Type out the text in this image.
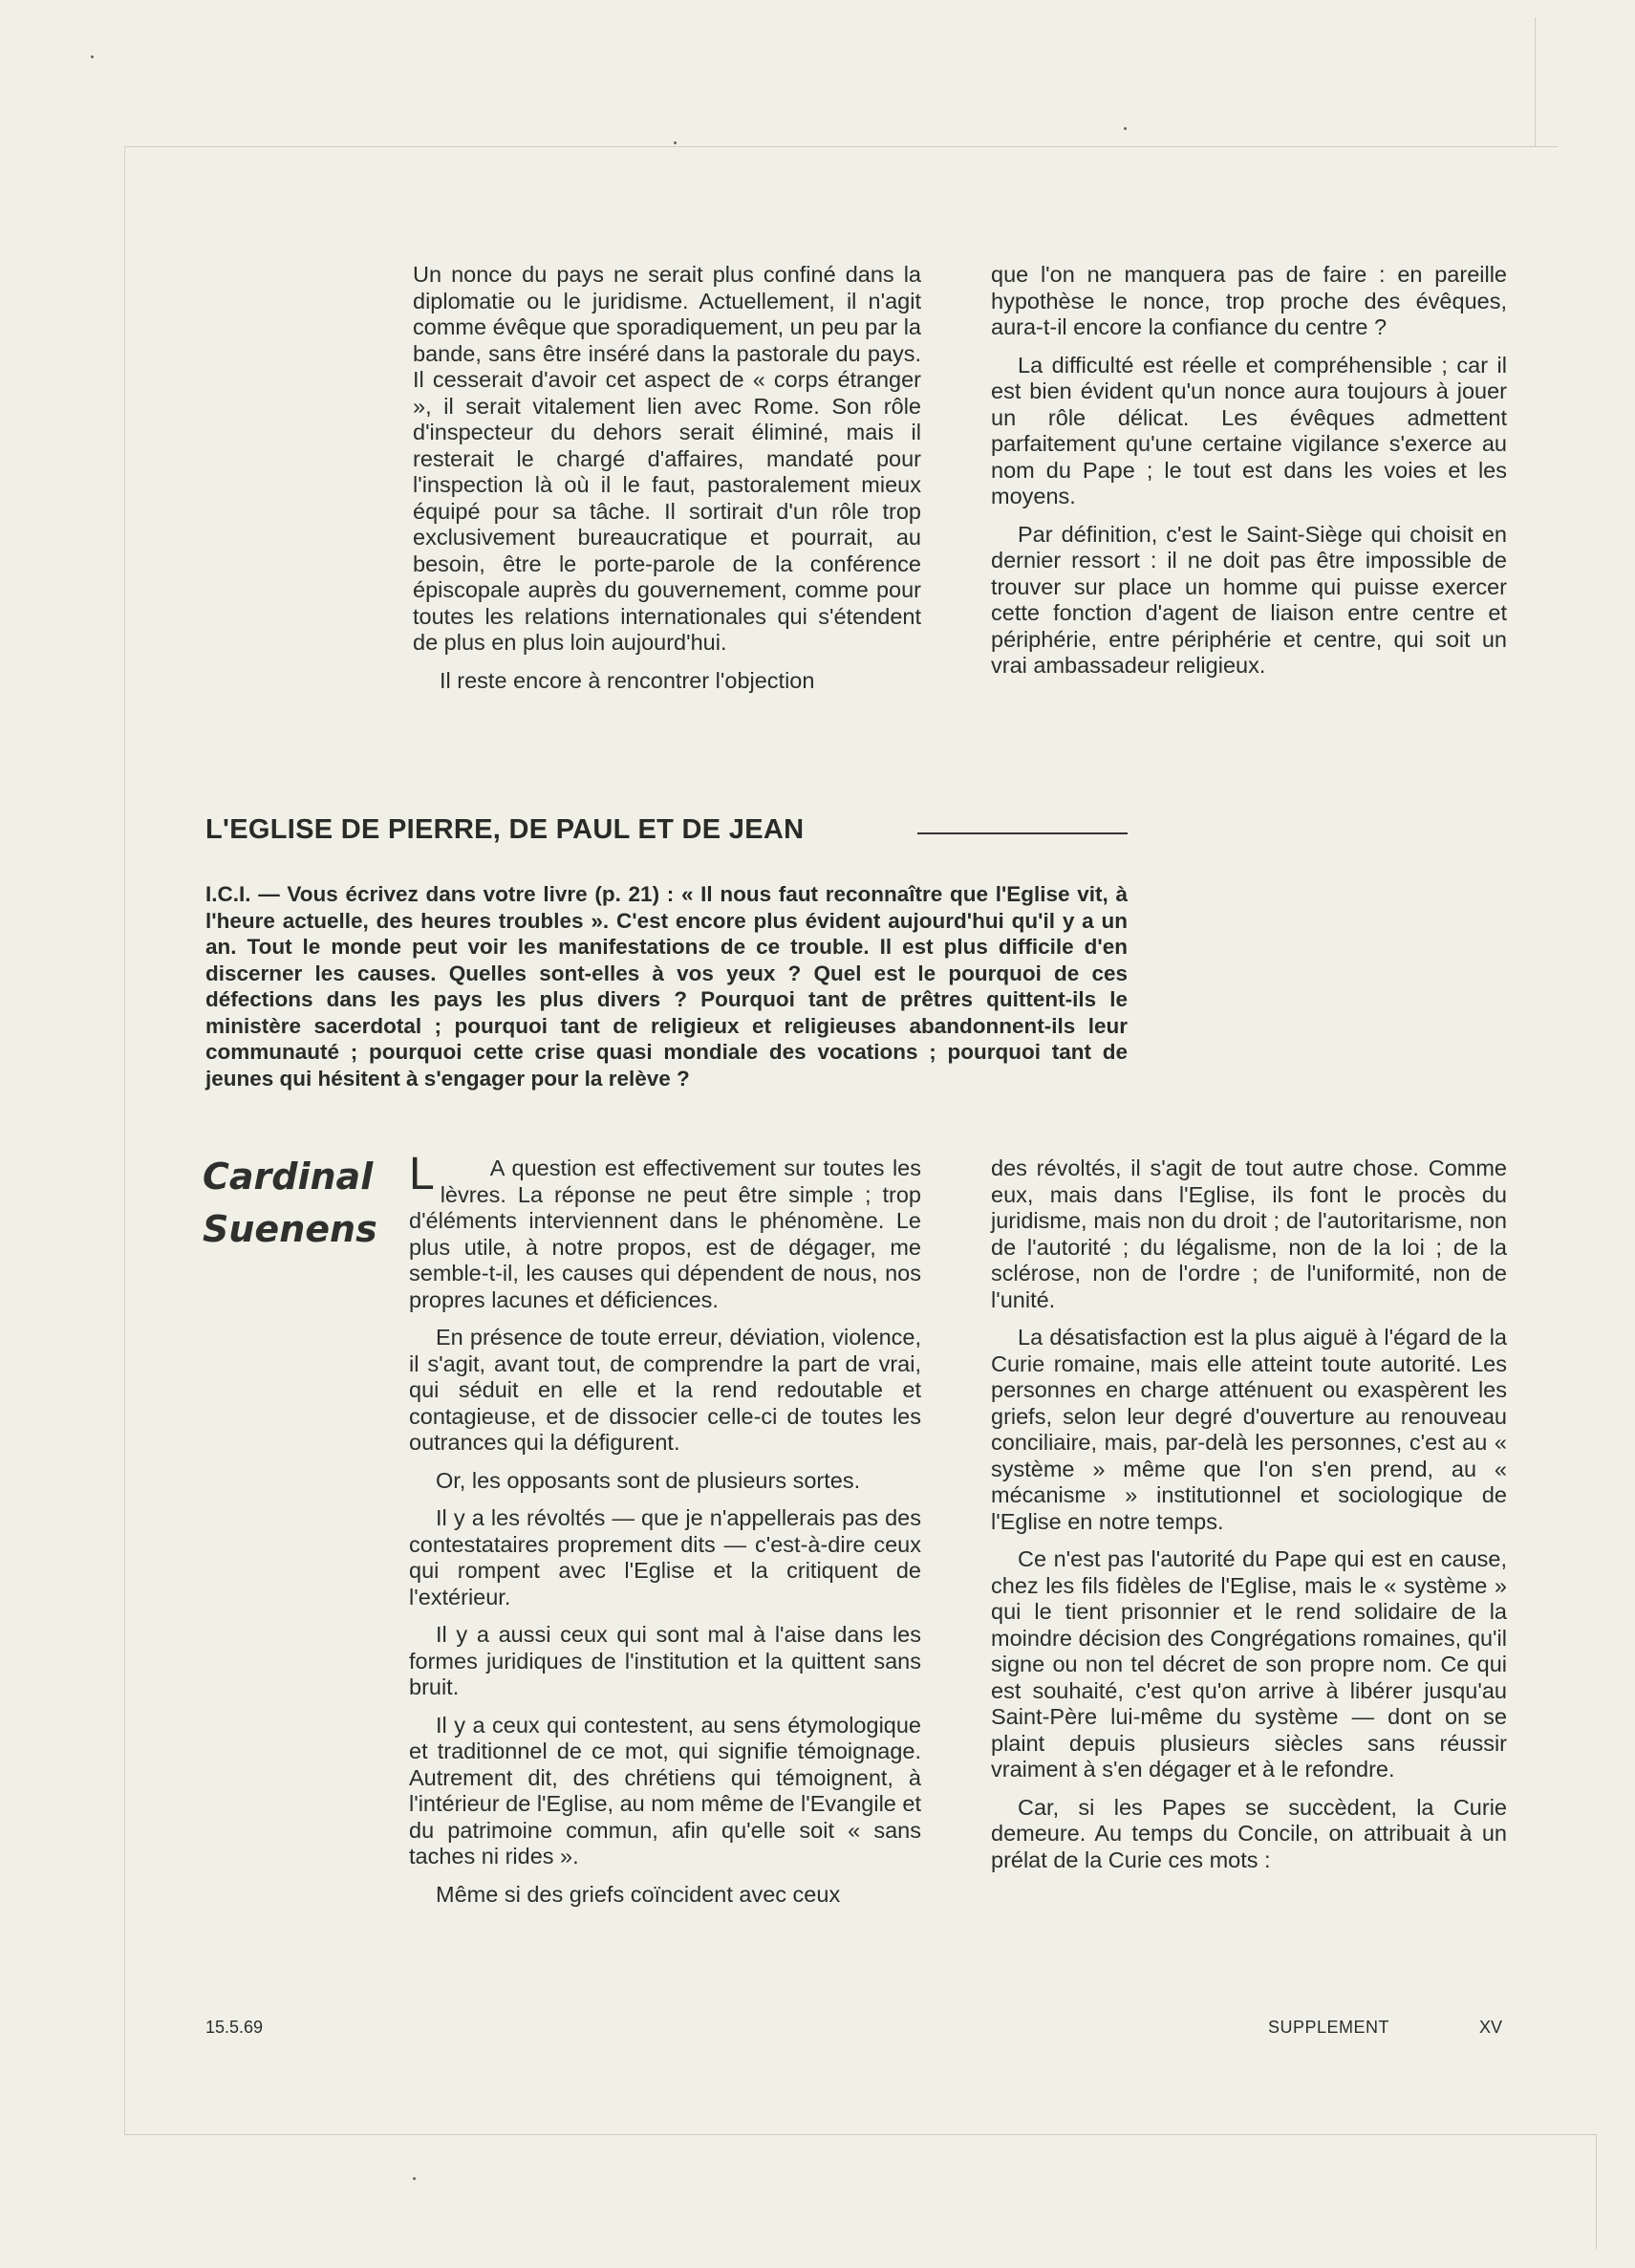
Un nonce du pays ne serait plus confiné dans la diplomatie ou le juridisme. Actuellement, il n'agit comme évêque que sporadiquement, un peu par la bande, sans être inséré dans la pastorale du pays. Il cesserait d'avoir cet aspect de « corps étranger », il serait vitalement lien avec Rome. Son rôle d'inspecteur du dehors serait éliminé, mais il resterait le chargé d'affaires, mandaté pour l'inspection là où il le faut, pastoralement mieux équipé pour sa tâche. Il sortirait d'un rôle trop exclusivement bureaucratique et pourrait, au besoin, être le porte-parole de la conférence épiscopale auprès du gouvernement, comme pour toutes les relations internationales qui s'étendent de plus en plus loin aujourd'hui.

Il reste encore à rencontrer l'objection

que l'on ne manquera pas de faire : en pareille hypothèse le nonce, trop proche des évêques, aura-t-il encore la confiance du centre ?

La difficulté est réelle et compréhensible ; car il est bien évident qu'un nonce aura toujours à jouer un rôle délicat. Les évêques admettent parfaitement qu'une certaine vigilance s'exerce au nom du Pape ; le tout est dans les voies et les moyens.

Par définition, c'est le Saint-Siège qui choisit en dernier ressort : il ne doit pas être impossible de trouver sur place un homme qui puisse exercer cette fonction d'agent de liaison entre centre et périphérie, entre périphérie et centre, qui soit un vrai ambassadeur religieux.

L'EGLISE DE PIERRE, DE PAUL ET DE JEAN
I.C.I. — Vous écrivez dans votre livre (p. 21) : « Il nous faut reconnaître que l'Eglise vit, à l'heure actuelle, des heures troubles ». C'est encore plus évident aujourd'hui qu'il y a un an. Tout le monde peut voir les manifestations de ce trouble. Il est plus difficile d'en discerner les causes. Quelles sont-elles à vos yeux ? Quel est le pourquoi de ces défections dans les pays les plus divers ? Pourquoi tant de prêtres quittent-ils le ministère sacerdotal ; pourquoi tant de religieux et religieuses abandonnent-ils leur communauté ; pourquoi cette crise quasi mondiale des vocations ; pourquoi tant de jeunes qui hésitent à s'engager pour la relève ?
Cardinal
Suenens

L A question est effectivement sur toutes les lèvres. La réponse ne peut être simple ; trop d'éléments interviennent dans le phénomène. Le plus utile, à notre propos, est de dégager, me semble-t-il, les causes qui dépendent de nous, nos propres lacunes et déficiences.

En présence de toute erreur, déviation, violence, il s'agit, avant tout, de comprendre la part de vrai, qui séduit en elle et la rend redoutable et contagieuse, et de dissocier celle-ci de toutes les outrances qui la défigurent.

Or, les opposants sont de plusieurs sortes.

Il y a les révoltés — que je n'appellerais pas des contestataires proprement dits — c'est-à-dire ceux qui rompent avec l'Eglise et la critiquent de l'extérieur.

Il y a aussi ceux qui sont mal à l'aise dans les formes juridiques de l'institution et la quittent sans bruit.

Il y a ceux qui contestent, au sens étymologique et traditionnel de ce mot, qui signifie témoignage. Autrement dit, des chrétiens qui témoignent, à l'intérieur de l'Eglise, au nom même de l'Evangile et du patrimoine commun, afin qu'elle soit « sans taches ni rides ».

Même si des griefs coïncident avec ceux

des révoltés, il s'agit de tout autre chose. Comme eux, mais dans l'Eglise, ils font le procès du juridisme, mais non du droit ; de l'autoritarisme, non de l'autorité ; du légalisme, non de la loi ; de la sclérose, non de l'ordre ; de l'uniformité, non de l'unité.

La désatisfaction est la plus aiguë à l'égard de la Curie romaine, mais elle atteint toute autorité. Les personnes en charge atténuent ou exaspèrent les griefs, selon leur degré d'ouverture au renouveau conciliaire, mais, par-delà les personnes, c'est au « système » même que l'on s'en prend, au « mécanisme » institutionnel et sociologique de l'Eglise en notre temps.

Ce n'est pas l'autorité du Pape qui est en cause, chez les fils fidèles de l'Eglise, mais le « système » qui le tient prisonnier et le rend solidaire de la moindre décision des Congrégations romaines, qu'il signe ou non tel décret de son propre nom. Ce qui est souhaité, c'est qu'on arrive à libérer jusqu'au Saint-Père lui-même du système — dont on se plaint depuis plusieurs siècles sans réussir vraiment à s'en dégager et à le refondre.

Car, si les Papes se succèdent, la Curie demeure. Au temps du Concile, on attribuait à un prélat de la Curie ces mots :

15.5.69	SUPPLEMENT	XV
